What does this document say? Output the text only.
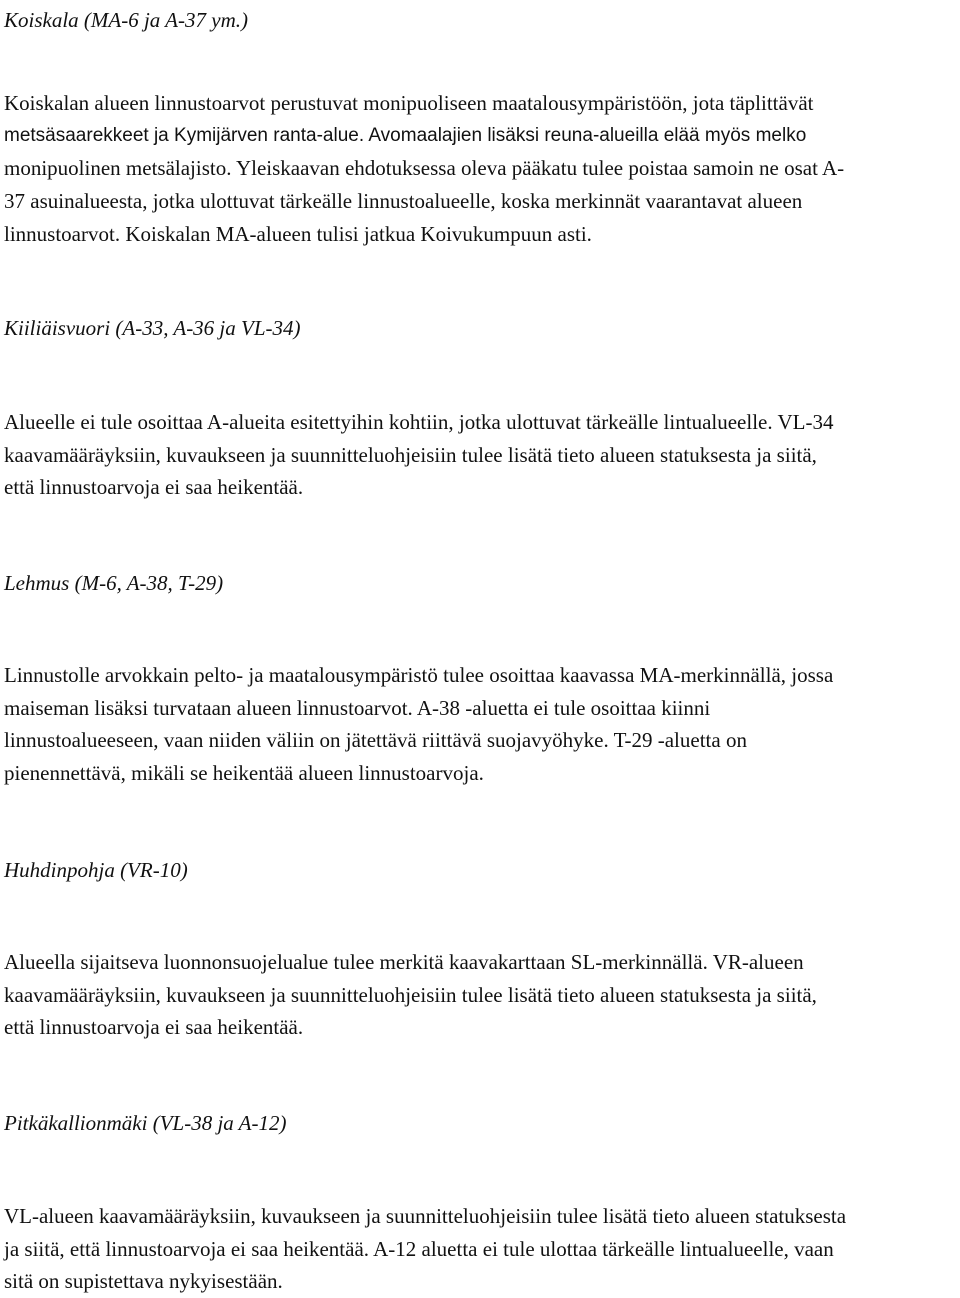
Koiskala (MA-6 ja A-37 ym.)
Koiskalan alueen linnustoarvot perustuvat monipuoliseen maatalousympäristöön, jota täplittävät
metsäsaarekkeet ja Kymijärven ranta-alue. Avomaalajien lisäksi reuna-alueilla elää myös melko
monipuolinen metsälajisto. Yleiskaavan ehdotuksessa oleva pääkatu tulee poistaa samoin ne osat A-
37 asuinalueesta, jotka ulottuvat tärkeälle linnustoalueelle, koska merkinnät vaarantavat alueen
linnustoarvot. Koiskalan MA-alueen tulisi jatkua Koivukumpuun asti.
Kiiliäisvuori (A-33, A-36 ja VL-34)
Alueelle ei tule osoittaa A-alueita esitettyihin kohtiin, jotka ulottuvat tärkeälle lintualueelle. VL-34
kaavamääräyksiin, kuvaukseen ja suunnitteluohjeisiin tulee lisätä tieto alueen statuksesta ja siitä,
että linnustoarvoja ei saa heikentää.
Lehmus (M-6, A-38, T-29)
Linnustolle arvokkain pelto- ja maatalousympäristö tulee osoittaa kaavassa MA-merkinnällä, jossa
maiseman lisäksi turvataan alueen linnustoarvot. A-38 -aluetta ei tule osoittaa kiinni
linnustoalueeseen, vaan niiden väliin on jätettävä riittävä suojavyöhyke. T-29 -aluetta on
pienennettävä, mikäli se heikentää alueen linnustoarvoja.
Huhdinpohja (VR-10)
Alueella sijaitseva luonnonsuojelualue tulee merkitä kaavakarttaan SL-merkinnällä. VR-alueen
kaavamääräyksiin, kuvaukseen ja suunnitteluohjeisiin tulee lisätä tieto alueen statuksesta ja siitä,
että linnustoarvoja ei saa heikentää.
Pitkäkallionmäki (VL-38 ja A-12)
VL-alueen kaavamääräyksiin, kuvaukseen ja suunnitteluohjeisiin tulee lisätä tieto alueen statuksesta
ja siitä, että linnustoarvoja ei saa heikentää. A-12 aluetta ei tule ulottaa tärkeälle lintualueelle, vaan
sitä on supistettava nykyisestään.
